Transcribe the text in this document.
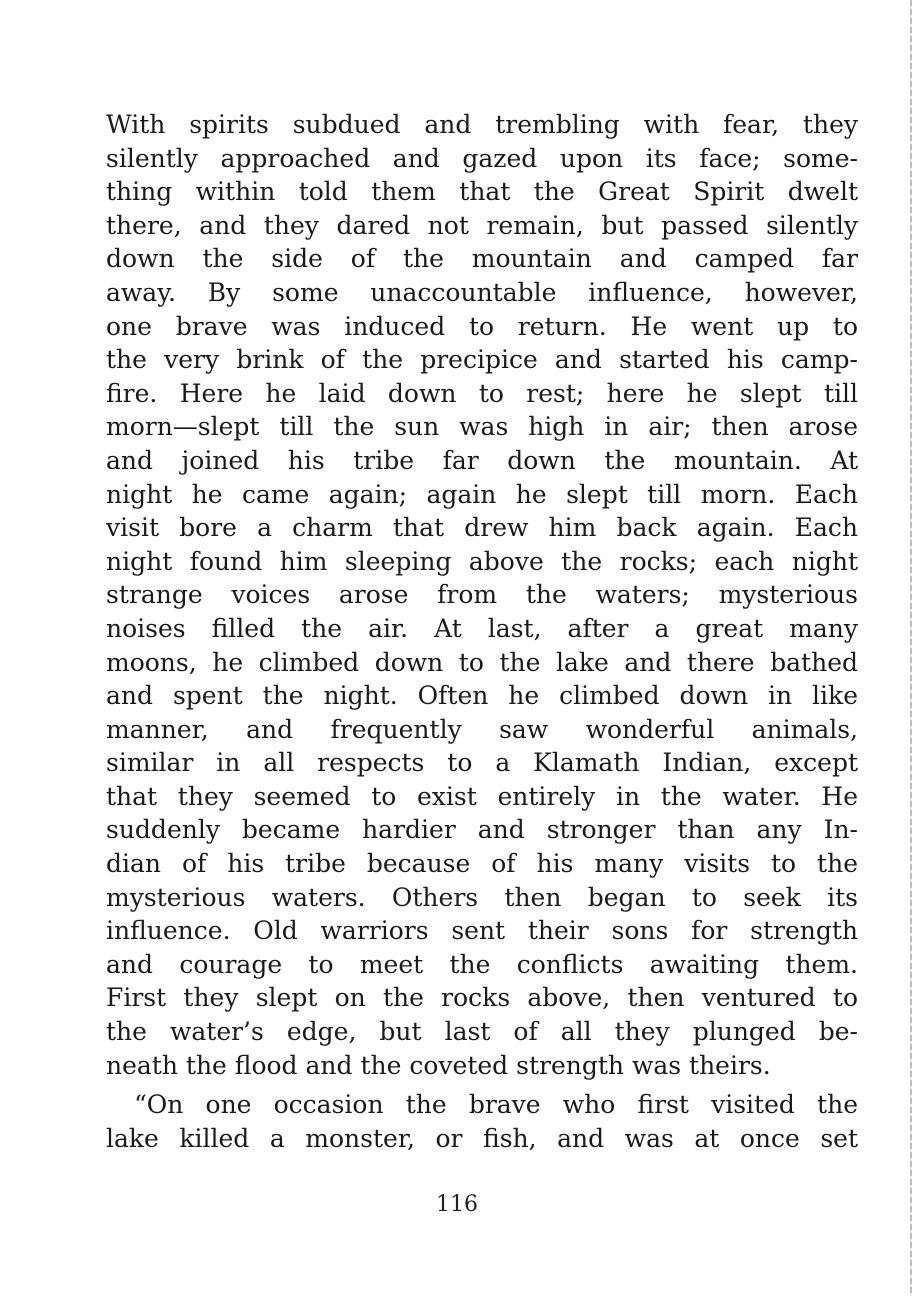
With spirits subdued and trembling with fear, they
silently approached and gazed upon its face; some-
thing within told them that the Great Spirit dwelt
there, and they dared not remain, but passed silently
down the side of the mountain and camped far
away. By some unaccountable influence, however,
one brave was induced to return. He went up to
the very brink of the precipice and started his camp-
fire. Here he laid down to rest; here he slept till
morn—slept till the sun was high in air; then arose
and joined his tribe far down the mountain. At
night he came again; again he slept till morn. Each
visit bore a charm that drew him back again. Each
night found him sleeping above the rocks; each night
strange voices arose from the waters; mysterious
noises filled the air. At last, after a great many
moons, he climbed down to the lake and there bathed
and spent the night. Often he climbed down in like
manner, and frequently saw wonderful animals,
similar in all respects to a Klamath Indian, except
that they seemed to exist entirely in the water. He
suddenly became hardier and stronger than any In-
dian of his tribe because of his many visits to the
mysterious waters. Others then began to seek its
influence. Old warriors sent their sons for strength
and courage to meet the conflicts awaiting them.
First they slept on the rocks above, then ventured to
the water’s edge, but last of all they plunged be-
neath the flood and the coveted strength was theirs.
“On one occasion the brave who first visited the
lake killed a monster, or fish, and was at once set
116
